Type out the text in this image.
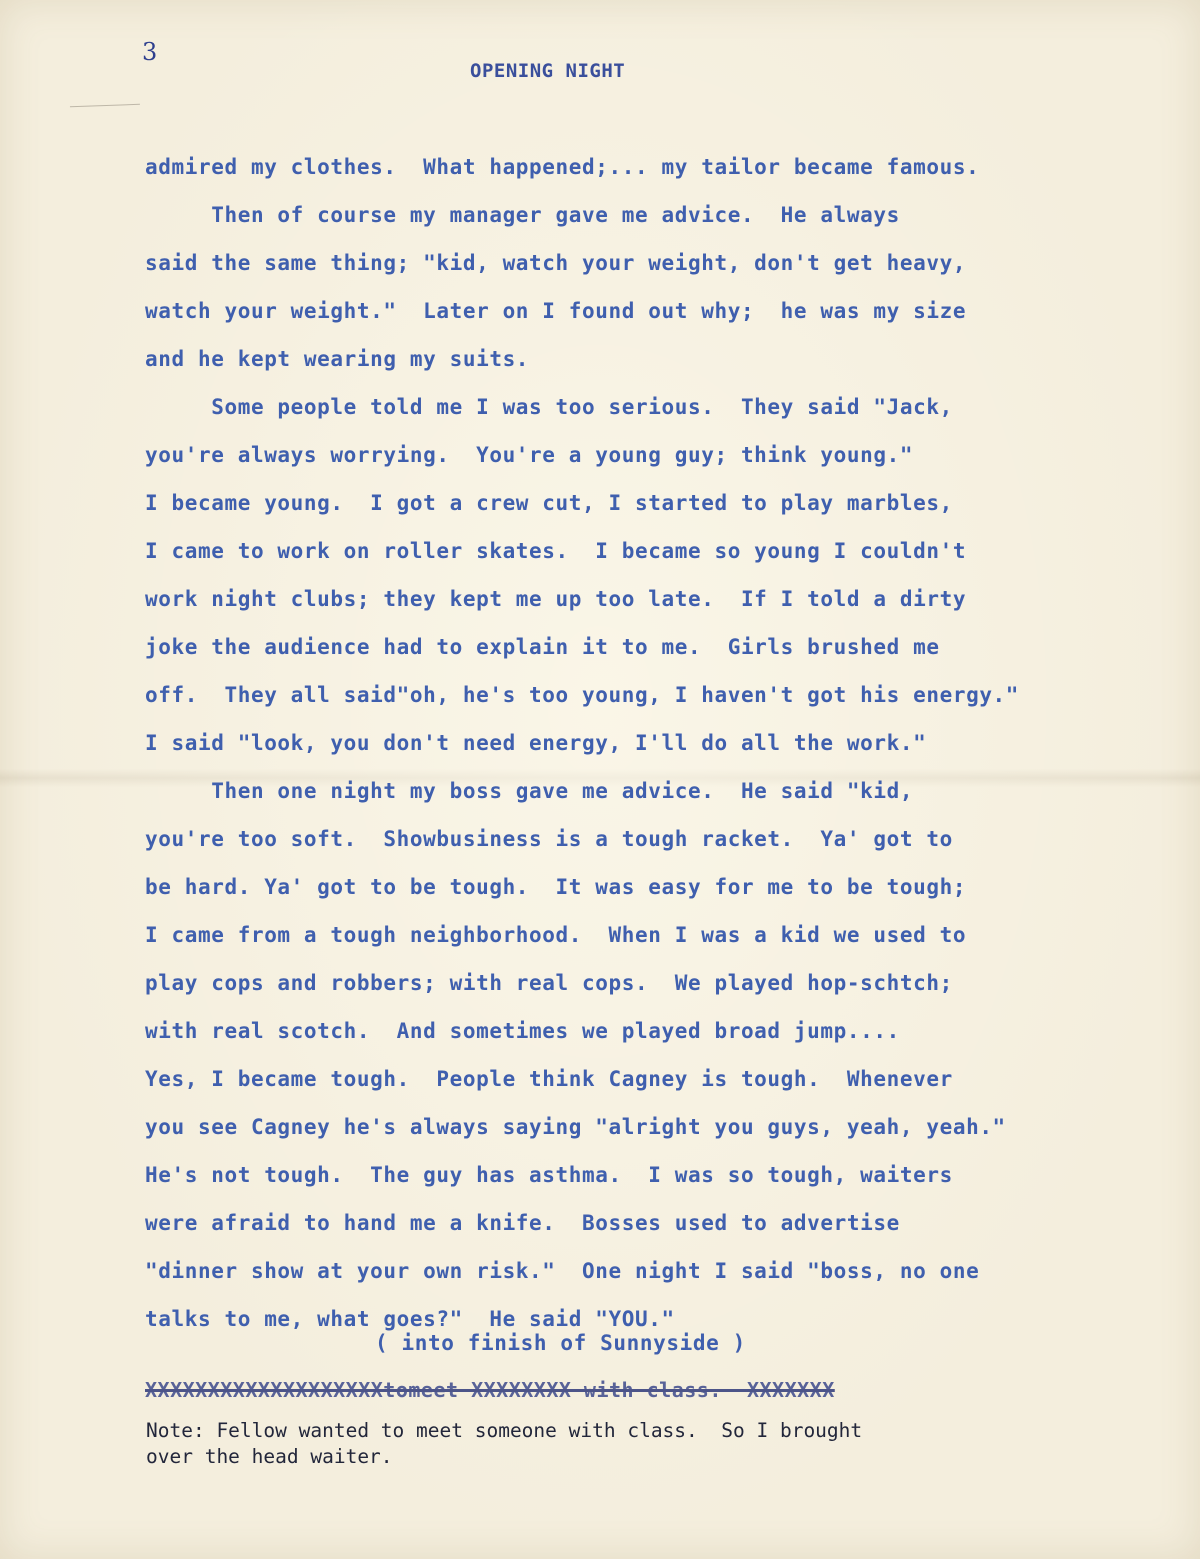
3

OPENING NIGHT

admired my clothes.  What happened;... my tailor became famous.

Then of course my manager gave me advice.  He always

said the same thing; "kid, watch your weight, don't get heavy,

watch your weight."  Later on I found out why;  he was my size

and he kept wearing my suits.

Some people told me I was too serious.  They said "Jack,

you're always worrying.  You're a young guy; think young."

I became young.  I got a crew cut, I started to play marbles,

I came to work on roller skates.  I became so young I couldn't

work night clubs; they kept me up too late.  If I told a dirty

joke the audience had to explain it to me.  Girls brushed me

off.  They all said"oh, he's too young, I haven't got his energy."

I said "look, you don't need energy, I'll do all the work."

Then one night my boss gave me advice.  He said "kid,

you're too soft.  Showbusiness is a tough racket.  Ya' got to

be hard. Ya' got to be tough.  It was easy for me to be tough;

I came from a tough neighborhood.  When I was a kid we used to

play cops and robbers; with real cops.  We played hop-schtch;

with real scotch.  And sometimes we played broad jump....

Yes, I became tough.  People think Cagney is tough.  Whenever

you see Cagney he's always saying "alright you guys, yeah, yeah."

He's not tough.  The guy has asthma.  I was so tough, waiters

were afraid to hand me a knife.  Bosses used to advertise

"dinner show at your own risk."  One night I said "boss, no one

talks to me, what goes?"  He said "YOU."

( into finish of Sunnyside )

XXXXXXXXXXXXXXXXXXXtomeet XXXXXXXX with class.  XXXXXXX

Note: Fellow wanted to meet someone with class.  So I brought
over the head waiter.
